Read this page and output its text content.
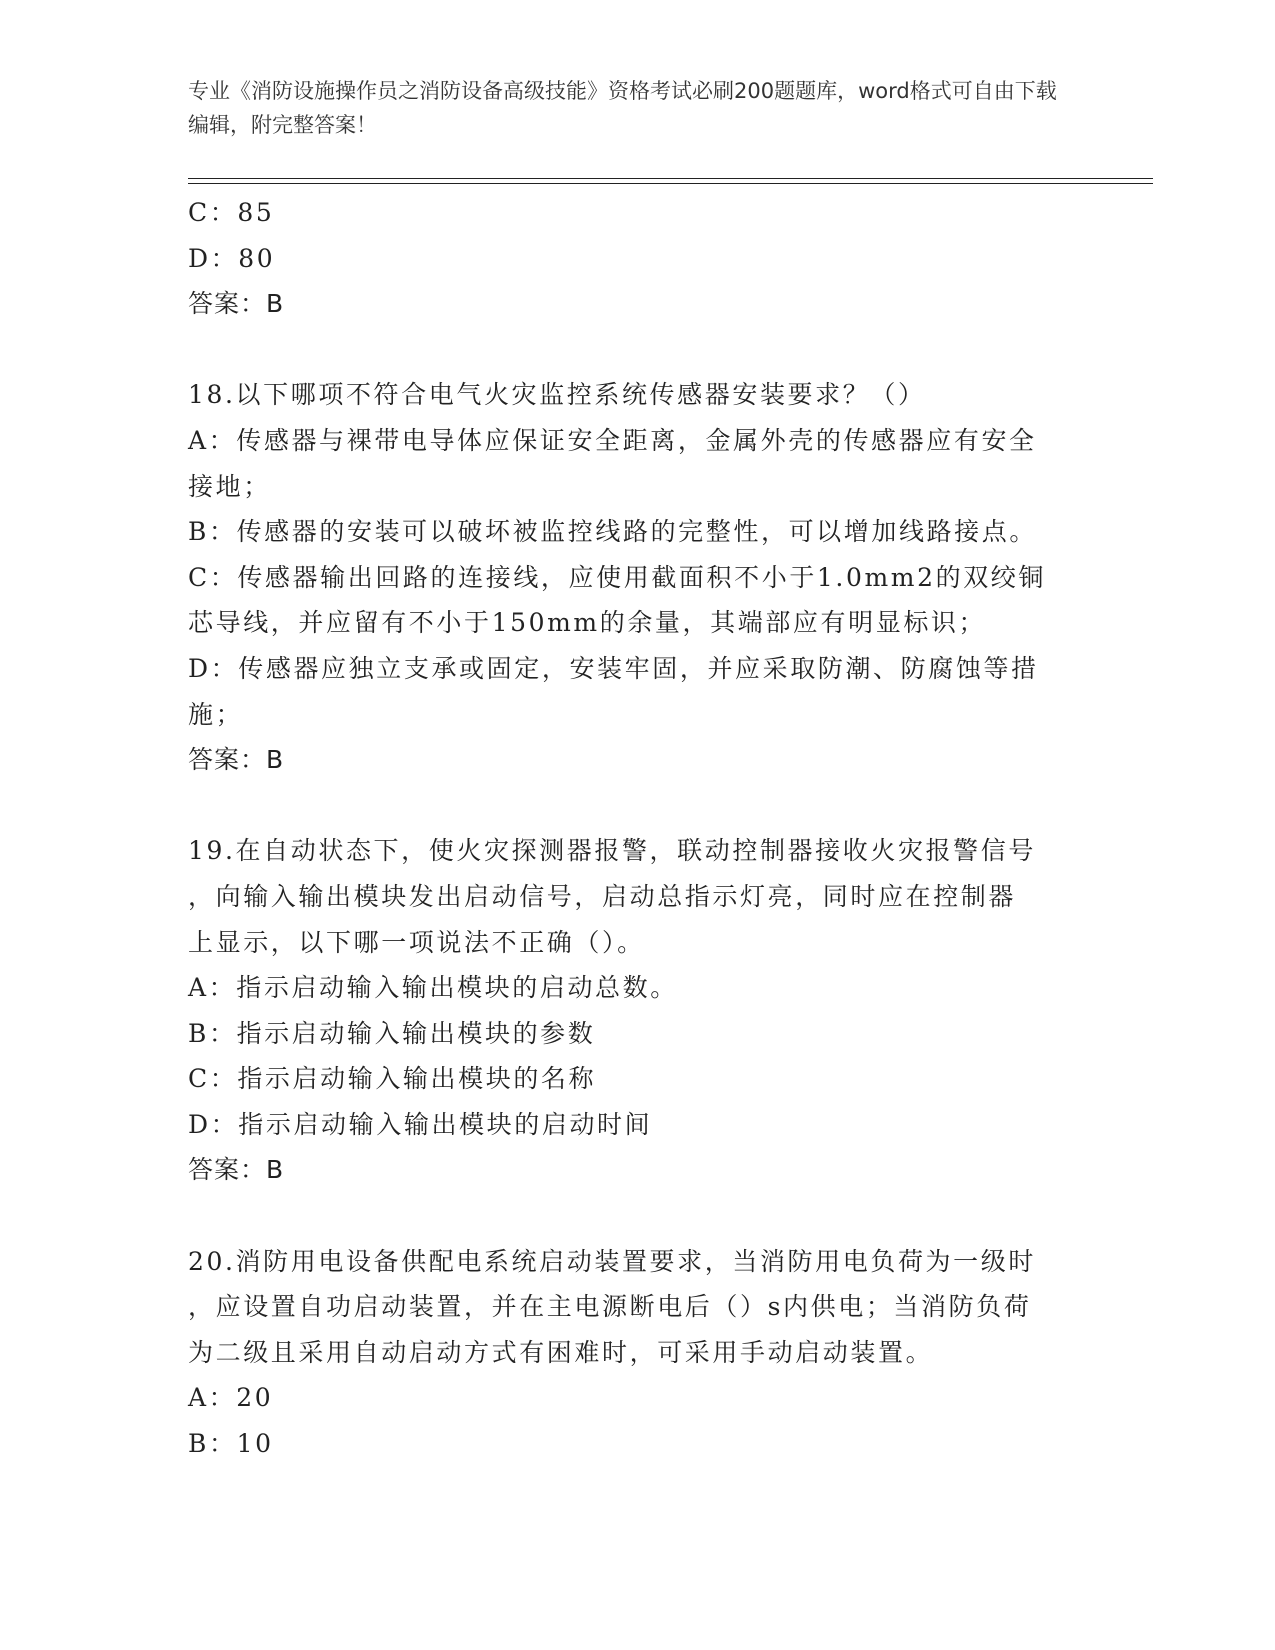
专业《消防设施操作员之消防设备高级技能》资格考试必刷200题题库，word格式可自由下载编辑，附完整答案！
C：85
D：80
答案：B
18.以下哪项不符合电气火灾监控系统传感器安装要求？（）
A：传感器与裸带电导体应保证安全距离，金属外壳的传感器应有安全
接地；
B：传感器的安装可以破坏被监控线路的完整性，可以增加线路接点。
C：传感器输出回路的连接线，应使用截面积不小于1.0mm2的双绞铜
芯导线，并应留有不小于150mm的余量，其端部应有明显标识；
D：传感器应独立支承或固定，安装牢固，并应采取防潮、防腐蚀等措
施；
答案：B
19.在自动状态下，使火灾探测器报警，联动控制器接收火灾报警信号
，向输入输出模块发出启动信号，启动总指示灯亮，同时应在控制器
上显示，以下哪一项说法不正确（）。
A：指示启动输入输出模块的启动总数。
B：指示启动输入输出模块的参数
C：指示启动输入输出模块的名称
D：指示启动输入输出模块的启动时间
答案：B
20.消防用电设备供配电系统启动装置要求，当消防用电负荷为一级时
，应设置自功启动装置，并在主电源断电后（）s内供电；当消防负荷
为二级且采用自动启动方式有困难时，可采用手动启动装置。
A：20
B：10
